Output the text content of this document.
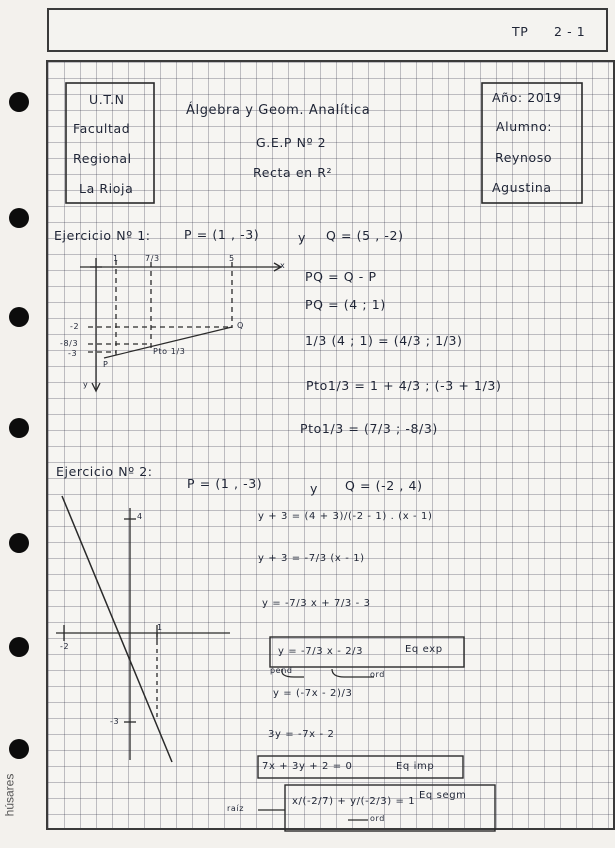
TP 2 - 1
húsares
U.T.N
Facultad
Regional
La Rioja
Álgebra y Geom. Analítica
G.E.P Nº 2
Recta en R²
Año: 2019
Alumno:
Reynoso
Agustina
Ejercicio Nº 1:	P = (1 , -3)	y Q = (5 , -2)
PQ = Q - P
PQ = (4 ; 1)
1/3 (4 ; 1) = (4/3 ; 1/3)
Pto1/3 = 1 + 4/3 ; (-3 + 1/3)
Pto1/3 = (7/3 ; -8/3)
1	7/3	5
x
-2
-8/3
-3
P
Q
Pto 1/3
y
Ejercicio Nº 2:
P = (1 , -3)	y Q = (-2 , 4)
y + 3 = (4 + 3)/(-2 - 1) . (x - 1)
y + 3 = -7/3 (x - 1)
y = -7/3 x + 7/3 - 3
y = -7/3 x - 2/3	Eq exp
pend	ord
y = (-7x - 2)/3
3y = -7x - 2
7x + 3y + 2 = 0	Eq imp
raíz
x/(-2/7) + y/(-2/3) = 1
Eq segm
ord
4
1
-2
-3
